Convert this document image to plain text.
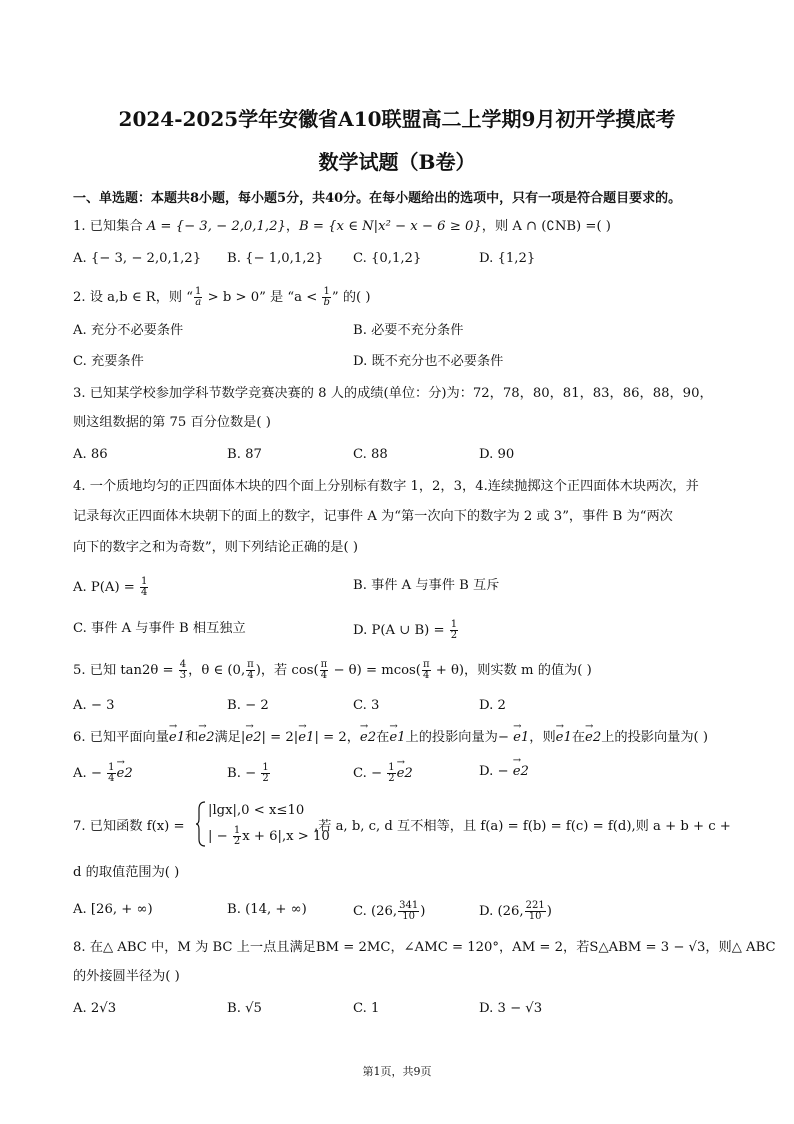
2024-2025学年安徽省A10联盟高二上学期9月初开学摸底考
数学试题（B卷）
一、单选题：本题共8小题，每小题5分，共40分。在每小题给出的选项中，只有一项是符合题目要求的。
1. 已知集合 A = {− 3, − 2,0,1,2}，B = {x ∈ N|x² − x − 6 ≥ 0}，则 A ∩ (∁NB) =( )
A. {− 3, − 2,0,1,2} B. {− 1,0,1,2} C. {0,1,2}	D. {1,2}
2. 设 a,b ∈ R，则 “ $\frac{1}{a} > b > 0$” 是 “$a < \frac{1}{b}$ ” 的( )
A. 充分不必要条件	B. 必要不充分条件
C. 充要条件	D. 既不充分也不必要条件
3. 已知某学校参加学科节数学竞赛决赛的 8 人的成绩(单位：分)为：72，78，80，81，83，86，88，90，
则这组数据的第 75 百分位数是( )
A. 86	B. 87	C. 88	D. 90
4. 一个质地均匀的正四面体木块的四个面上分别标有数字 1，2，3，4.连续抛掷这个正四面体木块两次，并
记录每次正四面体木块朝下的面上的数字，记事件 A 为“第一次向下的数字为 2 或 3”，事件 B 为“两次
向下的数字之和为奇数”，则下列结论正确的是( )
A. $P(A) = \frac{1}{4}$	B. 事件 A 与事件 B 互斥
C. 事件 A 与事件 B 相互独立	D. P(A ∪ $B) = \frac{1}{2}$
5. 已知 $\tan 2\theta = \frac{4}{3}$ ，θ ∈ (0, $\frac{\pi}{4}$ )，若 $\cos( \frac{\pi}{4} - \theta) = mcos( \frac{\pi}{4} + \theta)$，则实数 m 的值为( )
A. − 3	B. − 2	C. 3	D. 2
6. 已知平面向量→ e1和→ e2满足|→ e2| = 2|→ e1| = 2，→ e2在→ e1上的投影向量为− → e1，则→ e1在→ e2上的投影向量为( )
A. − $\frac{1}{4}$
→ e2	B. − $\frac{1}{2}$	C. − $\frac{1}{2}$
→ e2	D. − → e2
7. 已知函数 f(x) =
|lgx|,0 < x≤10
| − $\frac{1}{2}$ x + 6|,x > 10
,若 a, b, c, d 互不相等，且 f(a) = f(b) = f(c) = f(d),则 a + b + c +
d 的取值范围为( )
A. [26, + ∞)	B. (14, + ∞)	C. (26, $\frac{341}{10}$ )	D. (26, $\frac{221}{10}$ )
8. 在△ ABC 中，M 为 BC 上一点且满足BM = 2MC，∠AMC = 120°，AM = 2，若S△ABM = 3 − √3，则△ ABC
的外接圆半径为( )
A. 2√3	B. √5	C. 1	D. 3 − √3
第1页，共9页
